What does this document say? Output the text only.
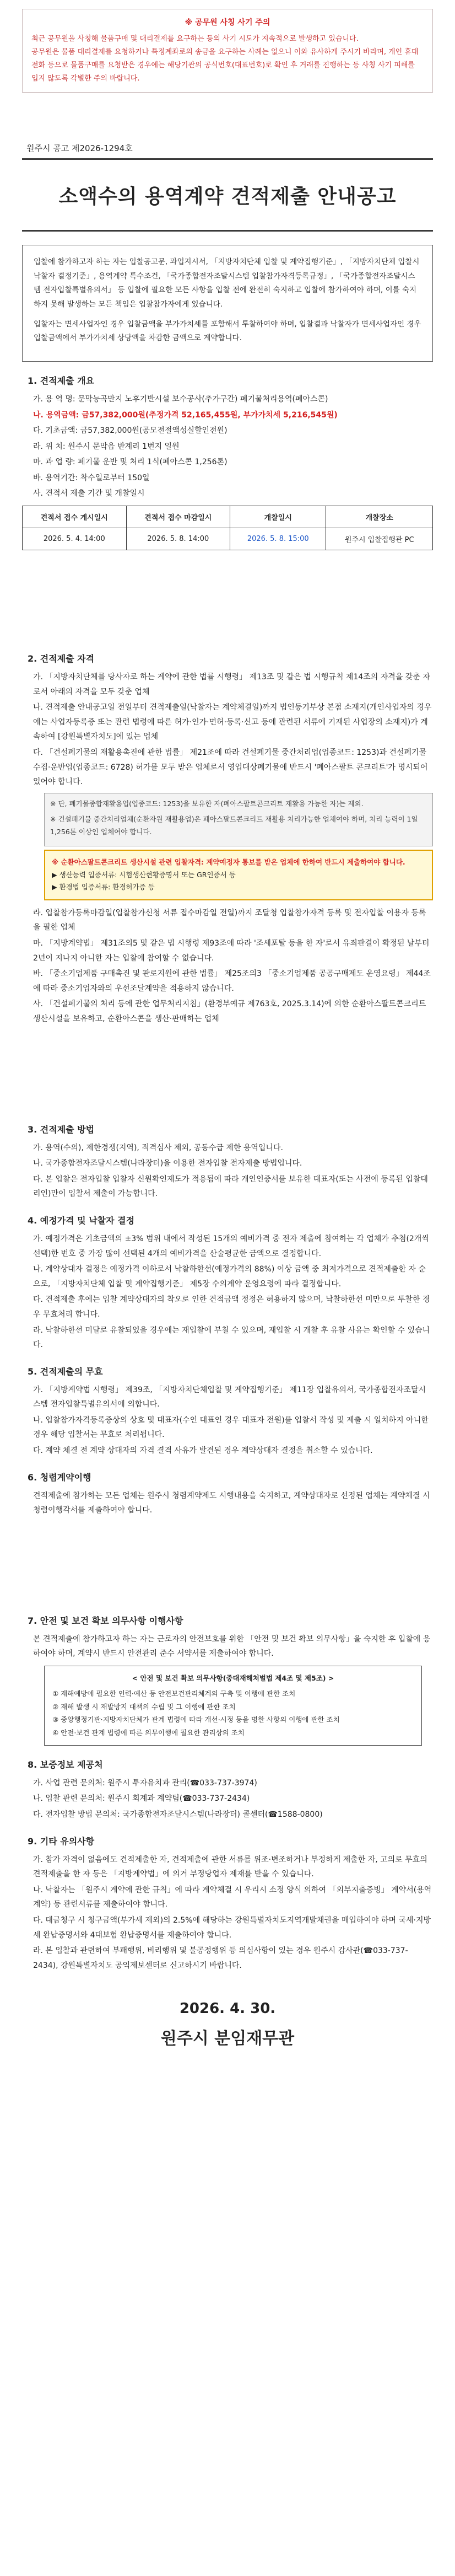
※ 공무원 사칭 사기 주의

최근 공무원을 사칭해 물품구매 및 대리결제를 요구하는 등의 사기 시도가 지속적으로 발생하고 있습니다.

공무원은 물품 대리결제를 요청하거나 특정계좌로의 송금을 요구하는 사례는 없으니 이와 유사하게 주시기 바라며, 개인 휴대전화 등으로 물품구매를 요청받은 경우에는 해당기관의 공식번호(대표번호)로 확인 후 거래를 진행하는 등 사칭 사기 피해를 입지 않도록 각별한 주의 바랍니다.

원주시 공고 제2026-1294호
소액수의 용역계약 견적제출 안내공고

입찰에 참가하고자 하는 자는 입찰공고문, 과업지시서, 「지방자치단체 입찰 및 계약집행기준」, 「지방자치단체 입찰시 낙찰자 결정기준」, 용역계약 특수조건, 「국가종합전자조달시스템 입찰참가자격등록규정」, 「국가종합전자조달시스템 전자입찰특별유의서」 등 입찰에 필요한 모든 사항을 입찰 전에 완전히 숙지하고 입찰에 참가하여야 하며, 이를 숙지하지 못해 발생하는 모든 책임은 입찰참가자에게 있습니다.

입찰자는 면세사업자인 경우 입찰금액을 부가가치세를 포함해서 투찰하여야 하며, 입찰결과 낙찰자가 면세사업자인 경우 입찰금액에서 부가가치세 상당액을 차감한 금액으로 계약합니다.

1. 견적제출 개요
가. 용 역 명: 문막능곡만지 노후기반시설 보수공사(추가구간) 폐기물처리용역(폐아스콘)
나. 용역금액: 금57,382,000원(추정가격 52,165,455원, 부가가치세 5,216,545원)
다. 기초금액: 금57,382,000원(공모전절액성실할인전원)
라. 위 치: 원주시 문막읍 반계리 1번지 일원
마. 과 업 량: 폐기물 운반 및 처리 1식(폐아스콘 1,256톤)
바. 용역기간: 착수일로부터 150일
사. 견적서 제출 기간 및 개찰일시
견적서 접수 게시일시	견적서 접수 마감일시	개찰일시	개찰장소
2026. 5. 4. 14:00	2026. 5. 8. 14:00	2026. 5. 8. 15:00	원주시 입찰집행관 PC
2. 견적제출 자격
가. 「지방자치단체를 당사자로 하는 계약에 관한 법률 시행령」 제13조 및 같은 법 시행규칙 제14조의 자격을 갖춘 자로서 아래의 자격을 모두 갖춘 업체
나. 견적제출 안내공고일 전일부터 견적제출일(낙찰자는 계약체결일)까지 법인등기부상 본점 소재지(개인사업자의 경우에는 사업자등록증 또는 관련 법령에 따른 허가·인가·면허·등록·신고 등에 관련된 서류에 기재된 사업장의 소재지)가 계속하여 [강원특별자치도]에 있는 업체
다. 「건설폐기물의 재활용촉진에 관한 법률」 제21조에 따라 건설폐기물 중간처리업(업종코드: 1253)과 건설폐기물 수집·운반업(업종코드: 6728) 허가를 모두 받은 업체로서 영업대상폐기물에 반드시 '폐아스팔트 콘크리트'가 명시되어 있어야 합니다.

※ 단, 폐기물종합재활용업(업종코드: 1253)을 보유한 자(폐아스팔트콘크리트 재활용 가능한 자)는 제외.

※ 건설폐기물 중간처리업체(순환자원 재활용업)은 폐아스팔트콘크리트 재활용 처리가능한 업체여야 하며, 처리 능력이 1일 1,256톤 이상인 업체여야 합니다.

※ 순환아스팔트콘크리트 생산시설 관련 입찰자격: 계약예정자 통보를 받은 업체에 한하여 반드시 제출하여야 합니다.

▶ 생산능력 입증서류: 시험생산현황증명서 또는 GR인증서 등

▶ 환경법 입증서류: 환경허가증 등

라. 입찰참가등록마감일(입찰참가신청 서류 접수마감일 전일)까지 조달청 입찰참가자격 등록 및 전자입찰 이용자 등록을 필한 업체
마. 「지방계약법」 제31조의5 및 같은 법 시행령 제93조에 따라 '조세포탈 등을 한 자'로서 유죄판결이 확정된 날부터 2년이 지나지 아니한 자는 입찰에 참여할 수 없습니다.
바. 「중소기업제품 구매촉진 및 판로지원에 관한 법률」 제25조의3 「중소기업제품 공공구매제도 운영요령」 제44조에 따라 중소기업자와의 우선조달계약을 적용하지 않습니다.
사. 「건설폐기물의 처리 등에 관한 업무처리지침」(환경부예규 제763호, 2025.3.14)에 의한 순환아스팔트콘크리트 생산시설을 보유하고, 순환아스콘을 생산·판매하는 업체
3. 견적제출 방법
가. 용역(수의), 제한경쟁(지역), 적격심사 제외, 공동수급 제한 용역입니다.
나. 국가종합전자조달시스템(나라장터)을 이용한 전자입찰 전자제출 방법입니다.
다. 본 입찰은 전자입찰 입찰자 신원확인제도가 적용됨에 따라 개인인증서를 보유한 대표자(또는 사전에 등록된 입찰대리인)만이 입찰서 제출이 가능합니다.
4. 예정가격 및 낙찰자 결정
가. 예정가격은 기초금액의 ±3% 범위 내에서 작성된 15개의 예비가격 중 전자 제출에 참여하는 각 업체가 추첨(2개씩 선택)한 번호 중 가장 많이 선택된 4개의 예비가격을 산술평균한 금액으로 결정합니다.
나. 계약상대자 결정은 예정가격 이하로서 낙찰하한선(예정가격의 88%) 이상 금액 중 최저가격으로 견적제출한 자 순으로, 「지방자치단체 입찰 및 계약집행기준」 제5장 수의계약 운영요령에 따라 결정합니다.
다. 견적제출 후에는 입찰 계약상대자의 착오로 인한 견적금액 정정은 허용하지 않으며, 낙찰하한선 미만으로 투찰한 경우 무효처리 합니다.
라. 낙찰하한선 미달로 유찰되었을 경우에는 재입찰에 부칠 수 있으며, 재입찰 시 개찰 후 유찰 사유는 확인할 수 있습니다.
5. 견적제출의 무효
가. 「지방계약법 시행령」 제39조, 「지방자치단체입찰 및 계약집행기준」 제11장 입찰유의서, 국가종합전자조달시스템 전자입찰특별유의서에 의합니다.
나. 입찰참가자격등록증상의 상호 및 대표자(수인 대표인 경우 대표자 전원)를 입찰서 작성 및 제출 시 일치하지 아니한 경우 해당 입찰서는 무효로 처리됩니다.
다. 계약 체결 전 계약 상대자의 자격 결격 사유가 발견된 경우 계약상대자 결정을 취소할 수 있습니다.
6. 청렴계약이행
견적제출에 참가하는 모든 업체는 원주시 청렴계약제도 시행내용을 숙지하고, 계약상대자로 선정된 업체는 계약체결 시 청렴이행각서를 제출하여야 합니다.
7. 안전 및 보건 확보 의무사항 이행사항
본 견적제출에 참가하고자 하는 자는 근로자의 안전보호를 위한 「안전 및 보건 확보 의무사항」을 숙지한 후 입찰에 응하여야 하며, 계약시 반드시 안전관리 준수 서약서를 제출하여야 합니다.
< 안전 및 보건 확보 의무사항(중대재해처벌법 제4조 및 제5조) >

① 재해예방에 필요한 인력·예산 등 안전보건관리체계의 구축 및 이행에 관한 조치

② 재해 발생 시 재발방지 대책의 수립 및 그 이행에 관한 조치

③ 중앙행정기관·지방자치단체가 관계 법령에 따라 개선·시정 등을 명한 사항의 이행에 관한 조치

④ 안전·보건 관계 법령에 따른 의무이행에 필요한 관리상의 조치

8. 보증정보 제공처
가. 사업 관련 문의처: 원주시 투자유치과 관리(☎033-737-3974)
나. 입찰 관련 문의처: 원주시 회계과 계약팀(☎033-737-2434)
다. 전자입찰 방법 문의처: 국가종합전자조달시스템(나라장터) 콜센터(☎1588-0800)
9. 기타 유의사항
가. 참가 자격이 없음에도 견적제출한 자, 견적제출에 관한 서류를 위조·변조하거나 부정하게 제출한 자, 고의로 무효의 견적제출을 한 자 등은 「지방계약법」에 의거 부정당업자 제재를 받을 수 있습니다.
나. 낙찰자는 「원주시 계약에 관한 규칙」에 따라 계약체결 시 우리시 소정 양식 의하여 「외부지출증빙」 계약서(용역계약) 등 관련서류를 제출하여야 합니다.
다. 대금청구 시 청구금액(부가세 제외)의 2.5%에 해당하는 강원특별자치도지역개발채권을 매입하여야 하며 국세·지방세 완납증명서와 4대보험 완납증명서를 제출하여야 합니다.
라. 본 입찰과 관련하여 부패행위, 비리행위 및 불공정행위 등 의심사항이 있는 경우 원주시 감사관(☎033-737-2434), 강원특별자치도 공익제보센터로 신고하시기 바랍니다.
2026. 4. 30.
원주시 분임재무관
